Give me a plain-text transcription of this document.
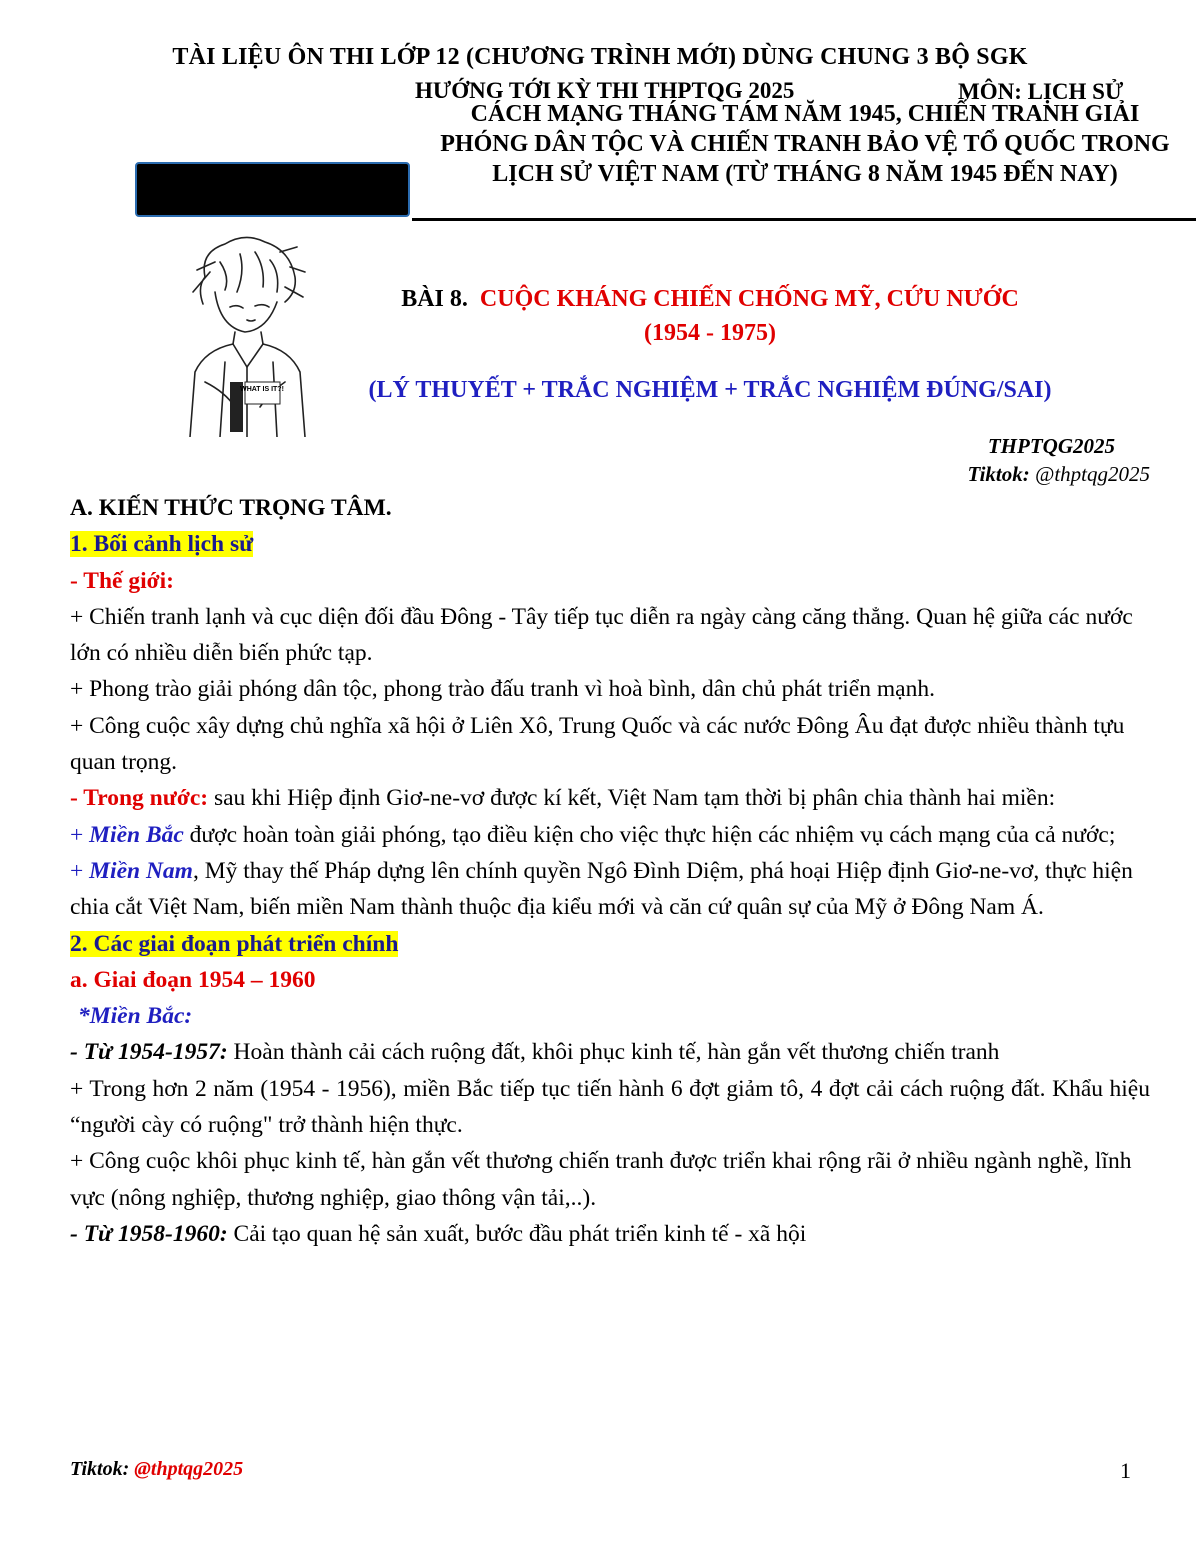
TÀI LIỆU ÔN THI LỚP 12 (CHƯƠNG TRÌNH MỚI) DÙNG CHUNG 3 BỘ SGK
HƯỚNG TỚI KỲ THI THPTQG 2025	MÔN: LỊCH SỬ
CÁCH MẠNG THÁNG TÁM NĂM 1945, CHIẾN TRANH GIẢI PHÓNG DÂN TỘC VÀ CHIẾN TRANH BẢO VỆ TỔ QUỐC TRONG LỊCH SỬ VIỆT NAM (TỪ THÁNG 8 NĂM 1945 ĐẾN NAY)
WHAT IS IT?!
BÀI 8. CUỘC KHÁNG CHIẾN CHỐNG MỸ, CỨU NƯỚC
(1954 - 1975)
(LÝ THUYẾT + TRẮC NGHIỆM + TRẮC NGHIỆM ĐÚNG/SAI)
THPTQG2025
Tiktok: @thptqg2025

A. KIẾN THỨC TRỌNG TÂM.

1. Bối cảnh lịch sử

- Thế giới:

+ Chiến tranh lạnh và cục diện đối đầu Đông - Tây tiếp tục diễn ra ngày càng căng thẳng. Quan hệ giữa các nước lớn có nhiều diễn biến phức tạp.

+ Phong trào giải phóng dân tộc, phong trào đấu tranh vì hoà bình, dân chủ phát triển mạnh.

+ Công cuộc xây dựng chủ nghĩa xã hội ở Liên Xô, Trung Quốc và các nước Đông Âu đạt được nhiều thành tựu quan trọng.

- Trong nước: sau khi Hiệp định Giơ-ne-vơ được kí kết, Việt Nam tạm thời bị phân chia thành hai miền:

+ Miền Bắc được hoàn toàn giải phóng, tạo điều kiện cho việc thực hiện các nhiệm vụ cách mạng của cả nước;

+ Miền Nam, Mỹ thay thế Pháp dựng lên chính quyền Ngô Đình Diệm, phá hoại Hiệp định Giơ-ne-vơ, thực hiện chia cắt Việt Nam, biến miền Nam thành thuộc địa kiểu mới và căn cứ quân sự của Mỹ ở Đông Nam Á.

2. Các giai đoạn phát triển chính

a. Giai đoạn 1954 – 1960

*Miền Bắc:

- Từ 1954-1957: Hoàn thành cải cách ruộng đất, khôi phục kinh tế, hàn gắn vết thương chiến tranh

+ Trong hơn 2 năm (1954 - 1956), miền Bắc tiếp tục tiến hành 6 đợt giảm tô, 4 đợt cải cách ruộng đất. Khẩu hiệu “người cày có ruộng" trở thành hiện thực.

+ Công cuộc khôi phục kinh tế, hàn gắn vết thương chiến tranh được triển khai rộng rãi ở nhiều ngành nghề, lĩnh vực (nông nghiệp, thương nghiệp, giao thông vận tải,..).

- Từ 1958-1960: Cải tạo quan hệ sản xuất, bước đầu phát triển kinh tế - xã hội

Tiktok: @thptqg2025	1
